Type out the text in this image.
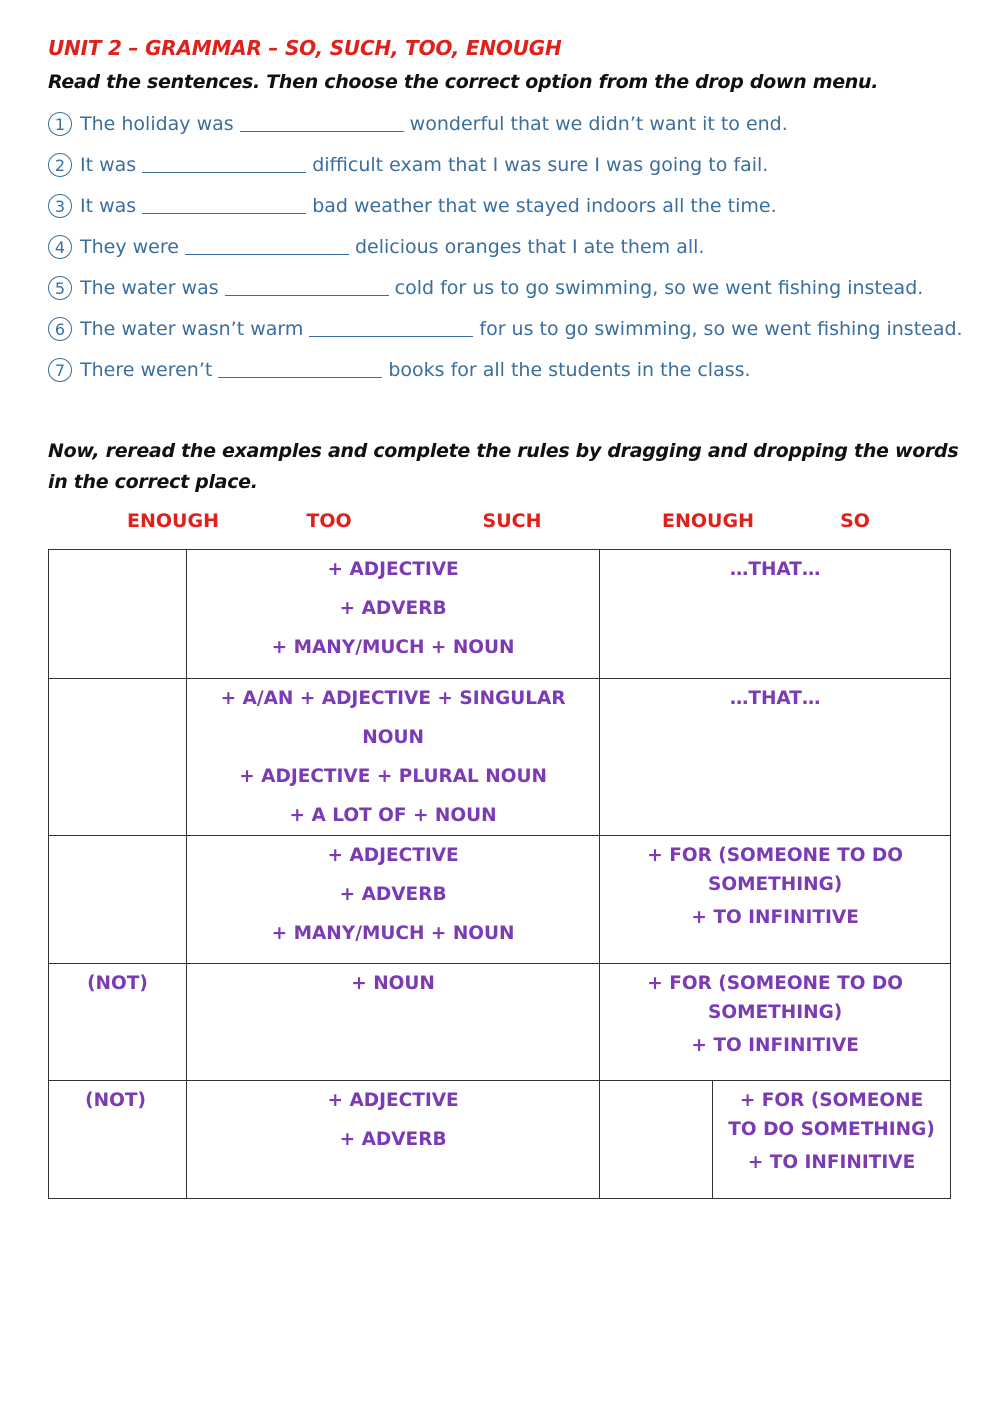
UNIT 2 – GRAMMAR – SO, SUCH, TOO, ENOUGH
Read the sentences. Then choose the correct option from the drop down menu.
1 The holiday was	wonderful that we didn’t want it to end.
2 It was	difficult exam that I was sure I was going to fail.
3 It was	bad weather that we stayed indoors all the time.
4 They were	delicious oranges that I ate them all.
5 The water was	cold for us to go swimming, so we went fishing instead.
6 The water wasn’t warm	for us to go swimming, so we went fishing instead.
7 There weren’t	books for all the students in the class.
Now, reread the examples and complete the rules by dragging and dropping the words in the correct place.
ENOUGH	TOO	SUCH	ENOUGH	SO

	+ ADJECTIVE
+ ADVERB
+ MANY/MUCH + NOUN	…THAT…	

	+ A/AN + ADJECTIVE + SINGULAR NOUN
+ ADJECTIVE + PLURAL NOUN
+ A LOT OF + NOUN	…THAT…	

	+ ADJECTIVE
+ ADVERB
+ MANY/MUCH + NOUN	+ FOR (SOMEONE TO DO SOMETHING)
+ TO INFINITIVE	

(NOT)	+ NOUN	+ FOR (SOMEONE TO DO SOMETHING)
+ TO INFINITIVE	

(NOT)	+ ADJECTIVE
+ ADVERB		+ FOR (SOMEONE TO DO SOMETHING)
+ TO INFINITIVE
